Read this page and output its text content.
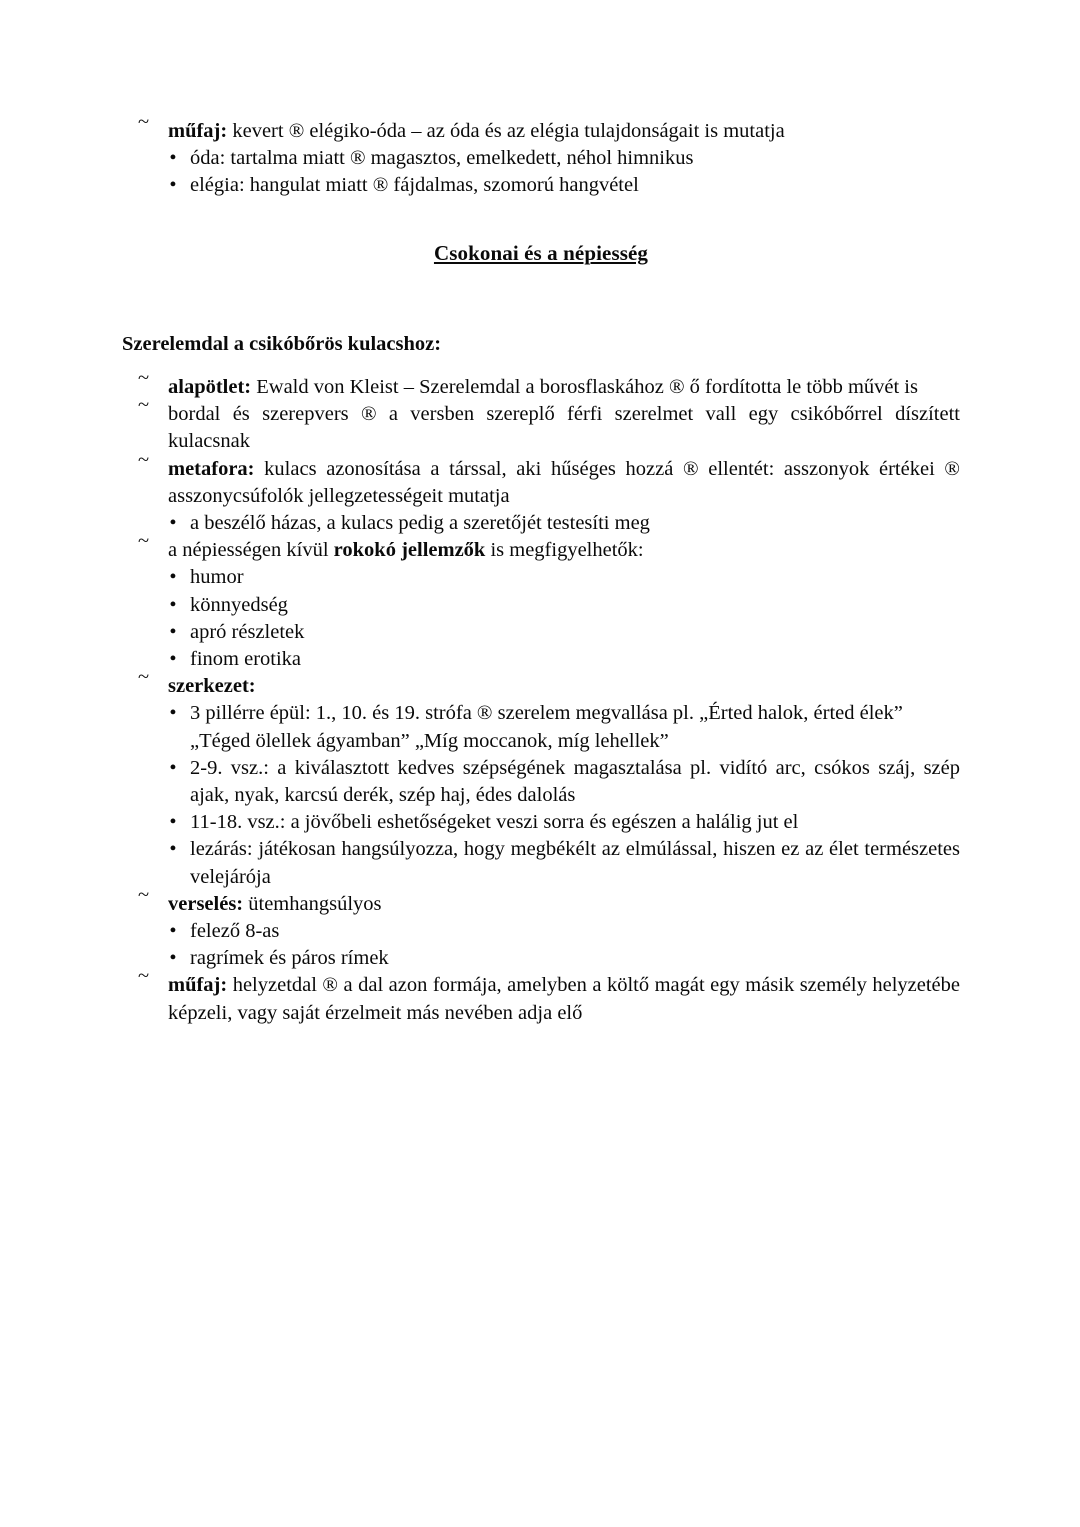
~ műfaj: kevert ® elégiko-óda – az óda és az elégia tulajdonságait is mutatja
• óda: tartalma miatt ® magasztos, emelkedett, néhol himnikus
• elégia: hangulat miatt ® fájdalmas, szomorú hangvétel
Csokonai és a népiesség
Szerelemdal a csikóbőrös kulacshoz:
~ alapötlet: Ewald von Kleist – Szerelemdal a borosflaskához ® ő fordította le több művét is
~ bordal és szerepvers ® a versben szereplő férfi szerelmet vall egy csikóbőrrel díszített kulacsnak
~ metafora: kulacs azonosítása a társsal, aki hűséges hozzá ® ellentét: asszonyok értékei ® asszonycsúfolók jellegzetességeit mutatja
• a beszélő házas, a kulacs pedig a szeretőjét testesíti meg
~ a népiességen kívül rokokó jellemzők is megfigyelhetők:
• humor
• könnyedség
• apró részletek
• finom erotika
~ szerkezet:
• 3 pillérre épül: 1., 10. és 19. strófa ® szerelem megvallása pl. „Érted halok, érted élek” „Téged ölellek ágyamban” „Míg moccanok, míg lehellek”
• 2-9. vsz.: a kiválasztott kedves szépségének magasztalása pl. vidító arc, csókos száj, szép ajak, nyak, karcsú derék, szép haj, édes dalolás
• 11-18. vsz.: a jövőbeli eshetőségeket veszi sorra és egészen a halálig jut el
• lezárás: játékosan hangsúlyozza, hogy megbékélt az elmúlással, hiszen ez az élet természetes velejárója
~ verselés: ütemhangsúlyos
• felező 8-as
• ragrímek és páros rímek
~ műfaj: helyzetdal ® a dal azon formája, amelyben a költő magát egy másik személy helyzetébe képzeli, vagy saját érzelmeit más nevében adja elő
